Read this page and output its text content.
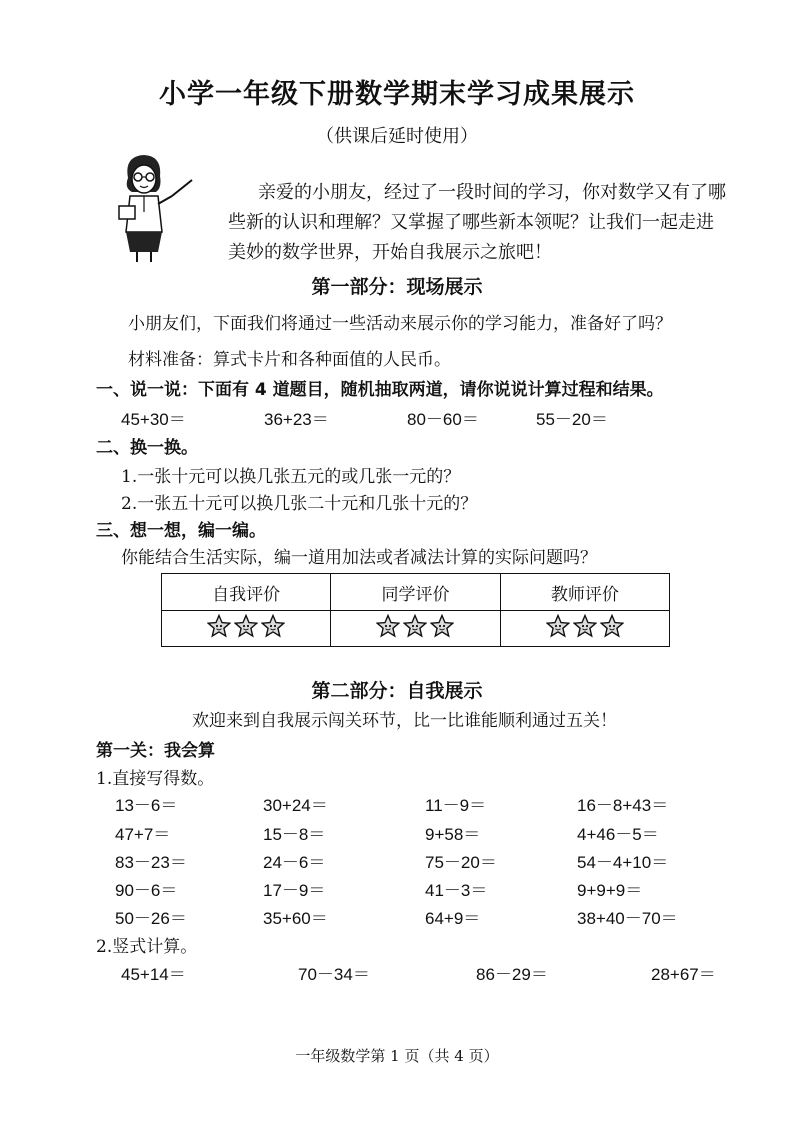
小学一年级下册数学期末学习成果展示
（供课后延时使用）
亲爱的小朋友，经过了一段时间的学习，你对数学又有了哪
些新的认识和理解？又掌握了哪些新本领呢？让我们一起走进
美妙的数学世界，开始自我展示之旅吧！
第一部分：现场展示
小朋友们，下面我们将通过一些活动来展示你的学习能力，准备好了吗？
材料准备：算式卡片和各种面值的人民币。
一、说一说：下面有 4 道题目，随机抽取两道，请你说说计算过程和结果。
45+30＝	36+23＝	80－60＝	55－20＝
二、换一换。
1.一张十元可以换几张五元的或几张一元的？
2.一张五十元可以换几张二十元和几张十元的？
三、想一想，编一编。
你能结合生活实际，编一道用加法或者减法计算的实际问题吗？
自我评价	同学评价	教师评价

第二部分：自我展示
欢迎来到自我展示闯关环节，比一比谁能顺利通过五关！
第一关：我会算
1.直接写得数。
13－6＝	30+24＝	11－9＝	16－8+43＝
47+7＝	15－8＝	9+58＝	4+46－5＝
83－23＝	24－6＝	75－20＝	54－4+10＝
90－6＝	17－9＝	41－3＝	9+9+9＝
50－26＝	35+60＝	64+9＝	38+40－70＝
2.竖式计算。
45+14＝	70－34＝	86－29＝	28+67＝
一年级数学第 1 页（共 4 页）
